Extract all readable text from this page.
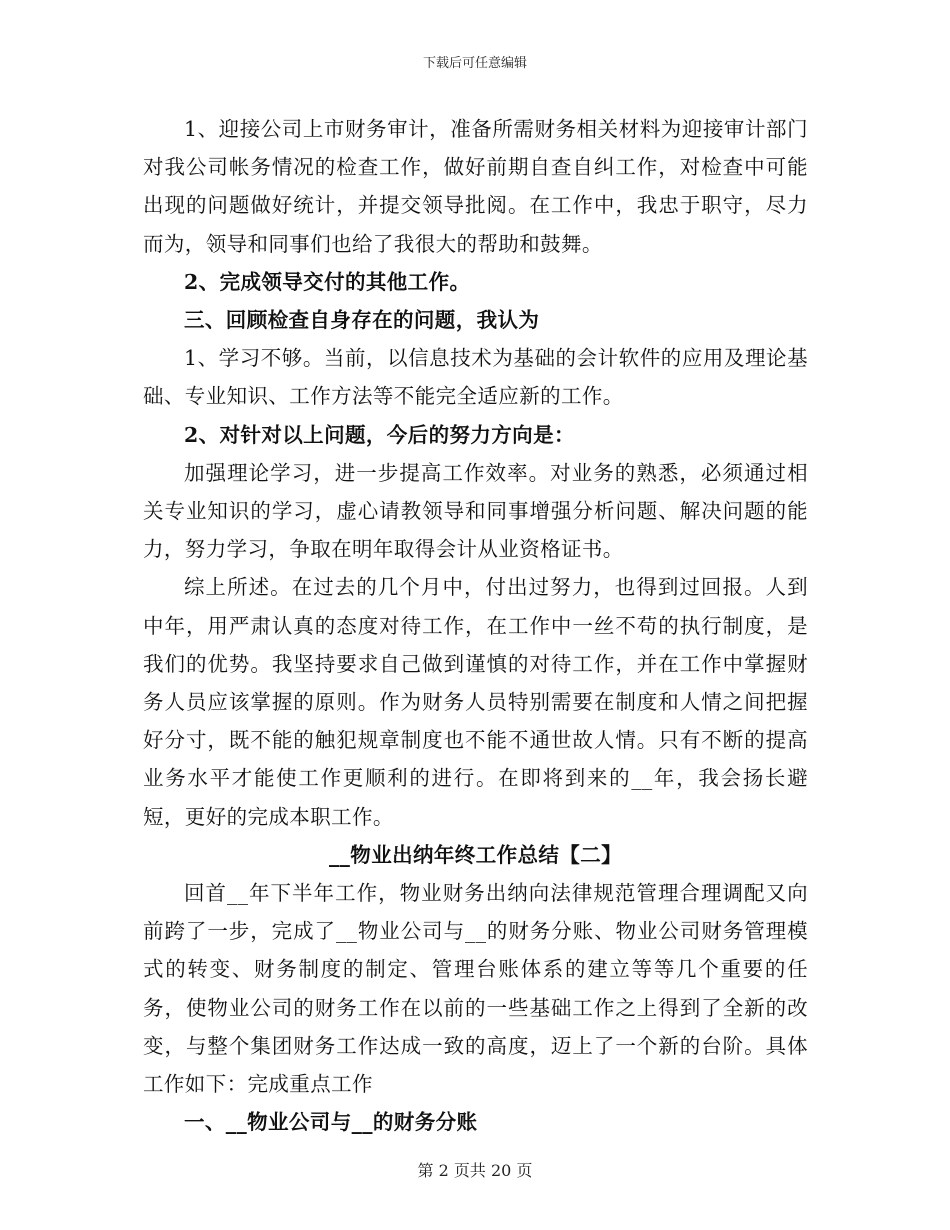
下载后可任意编辑

1、迎接公司上市财务审计，准备所需财务相关材料为迎接审计部门对我公司帐务情况的检查工作，做好前期自查自纠工作，对检查中可能出现的问题做好统计，并提交领导批阅。在工作中，我忠于职守，尽力而为，领导和同事们也给了我很大的帮助和鼓舞。

2、完成领导交付的其他工作。

三、回顾检查自身存在的问题，我认为

1、学习不够。当前，以信息技术为基础的会计软件的应用及理论基础、专业知识、工作方法等不能完全适应新的工作。

2、对针对以上问题，今后的努力方向是：

加强理论学习，进一步提高工作效率。对业务的熟悉，必须通过相关专业知识的学习，虚心请教领导和同事增强分析问题、解决问题的能力，努力学习，争取在明年取得会计从业资格证书。

综上所述。在过去的几个月中，付出过努力，也得到过回报。人到中年，用严肃认真的态度对待工作，在工作中一丝不苟的执行制度，是我们的优势。我坚持要求自己做到谨慎的对待工作，并在工作中掌握财务人员应该掌握的原则。作为财务人员特别需要在制度和人情之间把握好分寸，既不能的触犯规章制度也不能不通世故人情。只有不断的提高业务水平才能使工作更顺利的进行。在即将到来的__年，我会扬长避短，更好的完成本职工作。

__物业出纳年终工作总结【二】

回首__年下半年工作，物业财务出纳向法律规范管理合理调配又向前跨了一步，完成了__物业公司与__的财务分账、物业公司财务管理模式的转变、财务制度的制定、管理台账体系的建立等等几个重要的任务，使物业公司的财务工作在以前的一些基础工作之上得到了全新的改变，与整个集团财务工作达成一致的高度，迈上了一个新的台阶。具体工作如下：完成重点工作

一、__物业公司与__的财务分账

第 2 页共 20 页
